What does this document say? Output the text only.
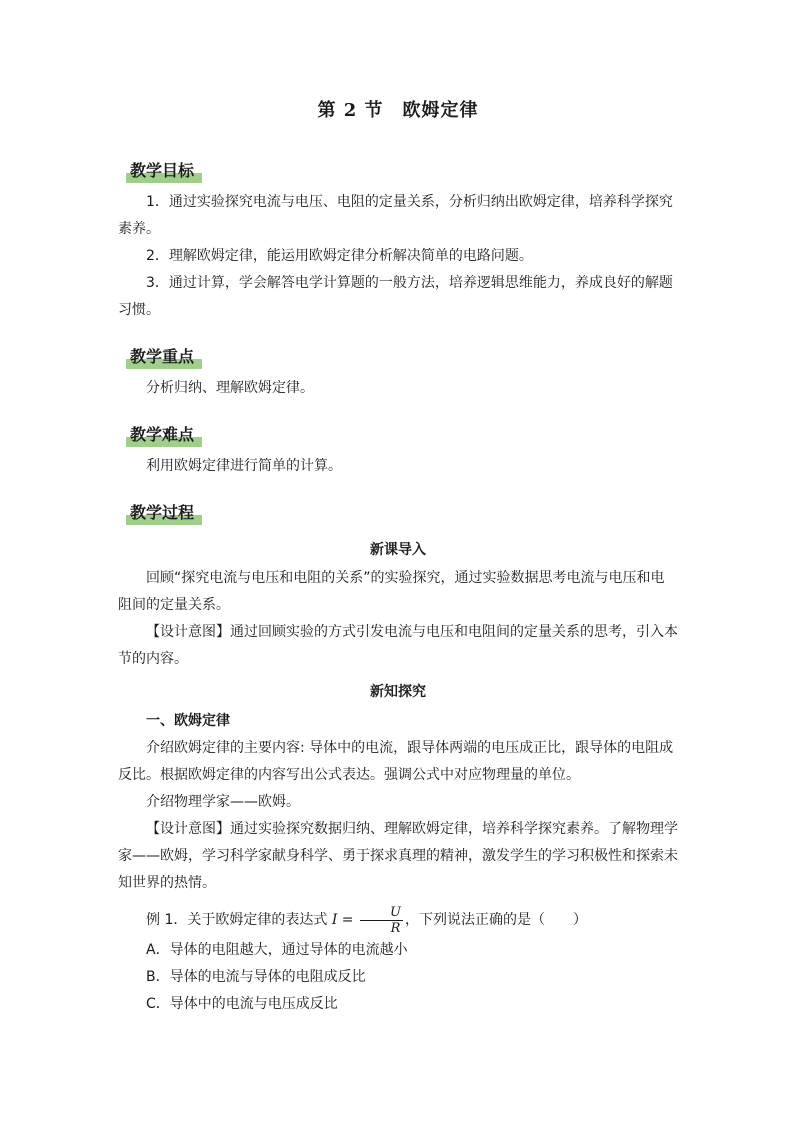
第 2 节　欧姆定律
教学目标

1．通过实验探究电流与电压、电阻的定量关系，分析归纳出欧姆定律，培养科学探究素养。

2．理解欧姆定律，能运用欧姆定律分析解决简单的电路问题。

3．通过计算，学会解答电学计算题的一般方法，培养逻辑思维能力，养成良好的解题习惯。

教学重点

分析归纳、理解欧姆定律。

教学难点

利用欧姆定律进行简单的计算。

教学过程
新课导入

回顾“探究电流与电压和电阻的关系”的实验探究，通过实验数据思考电流与电压和电阻间的定量关系。

【设计意图】通过回顾实验的方式引发电流与电压和电阻间的定量关系的思考，引入本节的内容。

新知探究
一、欧姆定律

介绍欧姆定律的主要内容: 导体中的电流，跟导体两端的电压成正比，跟导体的电阻成反比。根据欧姆定律的内容写出公式表达。强调公式中对应物理量的单位。

介绍物理学家——欧姆。

【设计意图】通过实验探究数据归纳、理解欧姆定律，培养科学探究素养。了解物理学家——欧姆，学习科学家献身科学、勇于探求真理的精神，激发学生的学习积极性和探索未知世界的热情。

例 1．关于欧姆定律的表达式 $I = \frac{U}{R}$ ，下列说法正确的是（　　）

A．导体的电阻越大，通过导体的电流越小

B．导体的电流与导体的电阻成反比

C．导体中的电流与电压成反比
